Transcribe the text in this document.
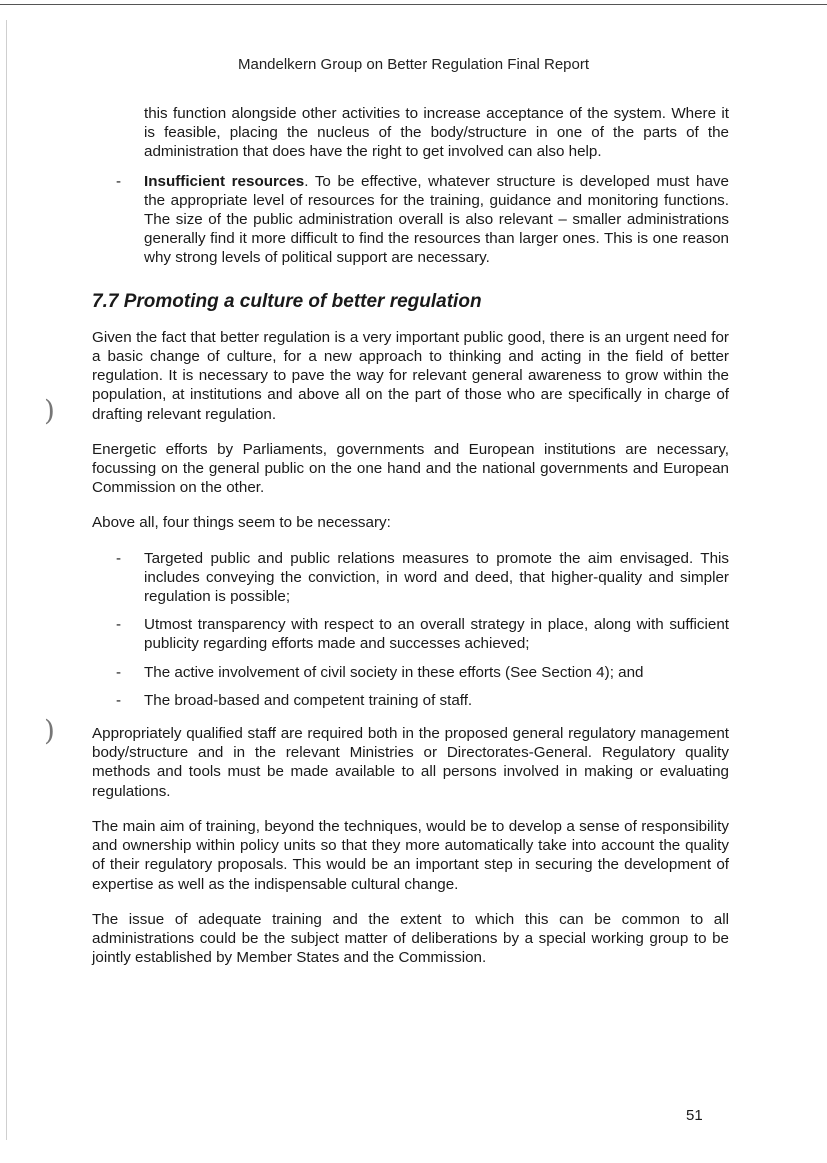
)
)
Mandelkern Group on Better Regulation Final Report

this function alongside other activities to increase acceptance of the system. Where it is feasible, placing the nucleus of the body/structure in one of the parts of the administration that does have the right to get involved can also help.

- Insufficient resources. To be effective, whatever structure is developed must have the appropriate level of resources for the training, guidance and monitoring functions. The size of the public administration overall is also relevant – smaller administrations generally find it more difficult to find the resources than larger ones. This is one reason why strong levels of political support are necessary.
7.7 Promoting a culture of better regulation

Given the fact that better regulation is a very important public good, there is an urgent need for a basic change of culture, for a new approach to thinking and acting in the field of better regulation. It is necessary to pave the way for relevant general awareness to grow within the population, at institutions and above all on the part of those who are specifically in charge of drafting relevant regulation.

Energetic efforts by Parliaments, governments and European institutions are necessary, focussing on the general public on the one hand and the national governments and European Commission on the other.

Above all, four things seem to be necessary:

- Targeted public and public relations measures to promote the aim envisaged. This includes conveying the conviction, in word and deed, that higher-quality and simpler regulation is possible;
- Utmost transparency with respect to an overall strategy in place, along with sufficient publicity regarding efforts made and successes achieved;
- The active involvement of civil society in these efforts (See Section 4); and
- The broad-based and competent training of staff.

Appropriately qualified staff are required both in the proposed general regulatory management body/structure and in the relevant Ministries or Directorates-General. Regulatory quality methods and tools must be made available to all persons involved in making or evaluating regulations.

The main aim of training, beyond the techniques, would be to develop a sense of responsibility and ownership within policy units so that they more automatically take into account the quality of their regulatory proposals. This would be an important step in securing the development of expertise as well as the indispensable cultural change.

The issue of adequate training and the extent to which this can be common to all administrations could be the subject matter of deliberations by a special working group to be jointly established by Member States and the Commission.

51
